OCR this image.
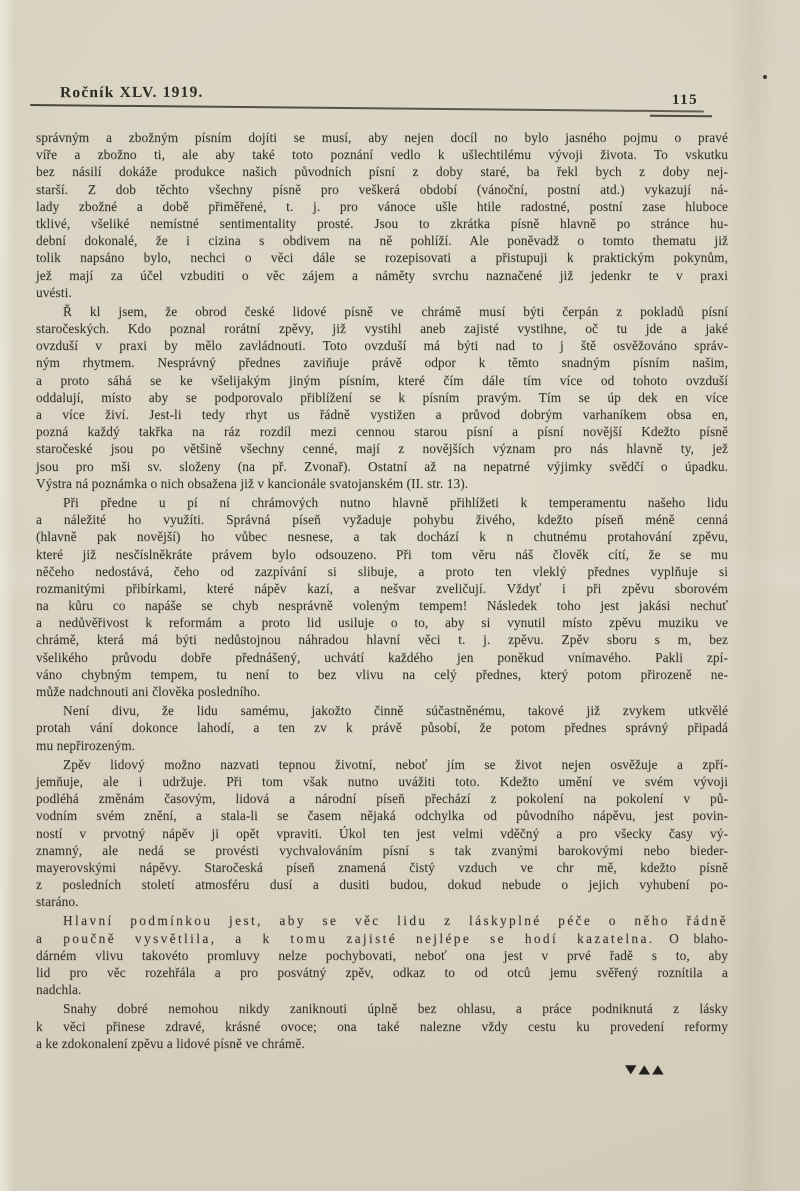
Ročník XLV. 1919.	115
správným a zbožným písním dojíti se musí, aby nejen docíl no bylo jasného pojmu o pravé
víře a zbožno ti, ale aby také toto poznání vedlo k ušlechtilému vývoji života. To vskutku
bez násilí dokáže produkce našich původních písní z doby staré, ba řekl bych z doby nej-
starší. Z dob těchto všechny písně pro veškerá období (vánoční, postní atd.) vykazují ná-
lady zbožné a době přiměřené, t. j. pro vánoce ušle htile radostné, postní zase hluboce
tklivé, všeliké nemístné sentimentality prosté. Jsou to zkrátka písně hlavně po stránce hu-
dební dokonalé, že i cizina s obdivem na ně pohlíží. Ale poněvadž o tomto thematu již
tolik napsáno bylo, nechci o věci dále se rozepisovati a přistupuji k praktickým pokynům,
jež mají za účel vzbuditi o věc zájem a náměty svrchu naznačené již jedenkr te v praxi
uvésti.
Ř kl jsem, že obrod české lidové písně ve chrámě musí býti čerpán z pokladů písní
staročeských. Kdo poznal rorátní zpěvy, již vystihl aneb zajisté vystihne, oč tu jde a jaké
ovzduší v praxi by mělo zavládnouti. Toto ovzduší má býti nad to j ště osvěžováno správ-
ným rhytmem. Nesprávný přednes zaviňuje právě odpor k těmto snadným písním našim,
a proto sáhá se ke všelijakým jiným písním, které čím dále tím více od tohoto ovzduší
oddalují, místo aby se podporovalo přiblížení se k písním pravým. Tím se úp dek en více
a více živí. Jest-li tedy rhyt us řádně vystižen a průvod dobrým varhaníkem obsa en,
pozná každý takřka na ráz rozdíl mezi cennou starou písní a písní novější Kdežto písně
staročeské jsou po většině všechny cenné, mají z novějších význam pro nás hlavně ty, jež
jsou pro mši sv. složeny (na př. Zvonař). Ostatní až na nepatrné výjimky svědčí o úpadku.
Výstra ná poznámka o nich obsažena již v kancionále svatojanském (II. str. 13).
Při předne u pí ní chrámových nutno hlavně přihlížeti k temperamentu našeho lidu
a náležité ho využíti. Správná píseň vyžaduje pohybu živého, kdežto píseň méně cenná
(hlavně pak novější) ho vůbec nesnese, a tak dochází k n chutnému protahování zpěvu,
které již nesčíslněkráte právem bylo odsouzeno. Při tom věru náš člověk cítí, že se mu
něčeho nedostává, čeho od zazpívání si slibuje, a proto ten vleklý přednes vyplňuje si
rozmanitými přibírkami, které nápěv kazí, a nešvar zveličují. Vždyť i při zpěvu sborovém
na kůru co napáše se chyb nesprávně voleným tempem! Následek toho jest jakási nechuť
a nedůvěřivost k reformám a proto lid usiluje o to, aby si vynutil místo zpěvu muziku ve
chrámě, která má býti nedůstojnou náhradou hlavní věci t. j. zpěvu. Zpěv sboru s m, bez
všelikého průvodu dobře přednášený, uchvátí každého jen poněkud vnímavého. Pakli zpí-
váno chybným tempem, tu není to bez vlivu na celý přednes, který potom přirozeně ne-
může nadchnouti ani člověka posledního.
Není divu, že lidu samému, jakožto činně súčastněnému, takové již zvykem utkvělé
protah vání dokonce lahodí, a ten zv k právě působí, že potom přednes správný připadá
mu nepřirozeným.
Zpěv lidový možno nazvati tepnou životní, neboť jím se život nejen osvěžuje a zpří-
jemňuje, ale i udržuje. Při tom však nutno uvážiti toto. Kdežto umění ve svém vývoji
podléhá změnám časovým, lidová a národní píseň přechází z pokolení na pokolení v pů-
vodním svém znění, a stala-li se časem nějaká odchylka od původního nápěvu, jest povin-
ností v prvotný nápěv ji opět vpraviti. Úkol ten jest velmi vděčný a pro všecky časy vý-
znamný, ale nedá se provésti vychvalováním písní s tak zvanými barokovými nebo bieder-
mayerovskými nápěvy. Staročeská píseň znamená čistý vzduch ve chr mě, kdežto písně
z posledních století atmosféru dusí a dusiti budou, dokud nebude o jejich vyhubení po-
staráno.
Hlavní podmínkou jest, aby se věc lidu z láskyplné péče o něho řádně
a poučně vysvětlila, a k tomu zajisté nejlépe se hodí kazatelna. O blaho-
dárném vlivu takovéto promluvy nelze pochybovati, neboť ona jest v prvé řadě s to, aby
lid pro věc rozehřála a pro posvátný zpěv, odkaz to od otců jemu svěřený roznítila a
nadchla.
Snahy dobré nemohou nikdy zaniknouti úplně bez ohlasu, a práce podniknutá z lásky
k věci přinese zdravé, krásné ovoce; ona také nalezne vždy cestu ku provedení reformy
a ke zdokonalení zpěvu a lidové písně ve chrámě.
▼▲▲
